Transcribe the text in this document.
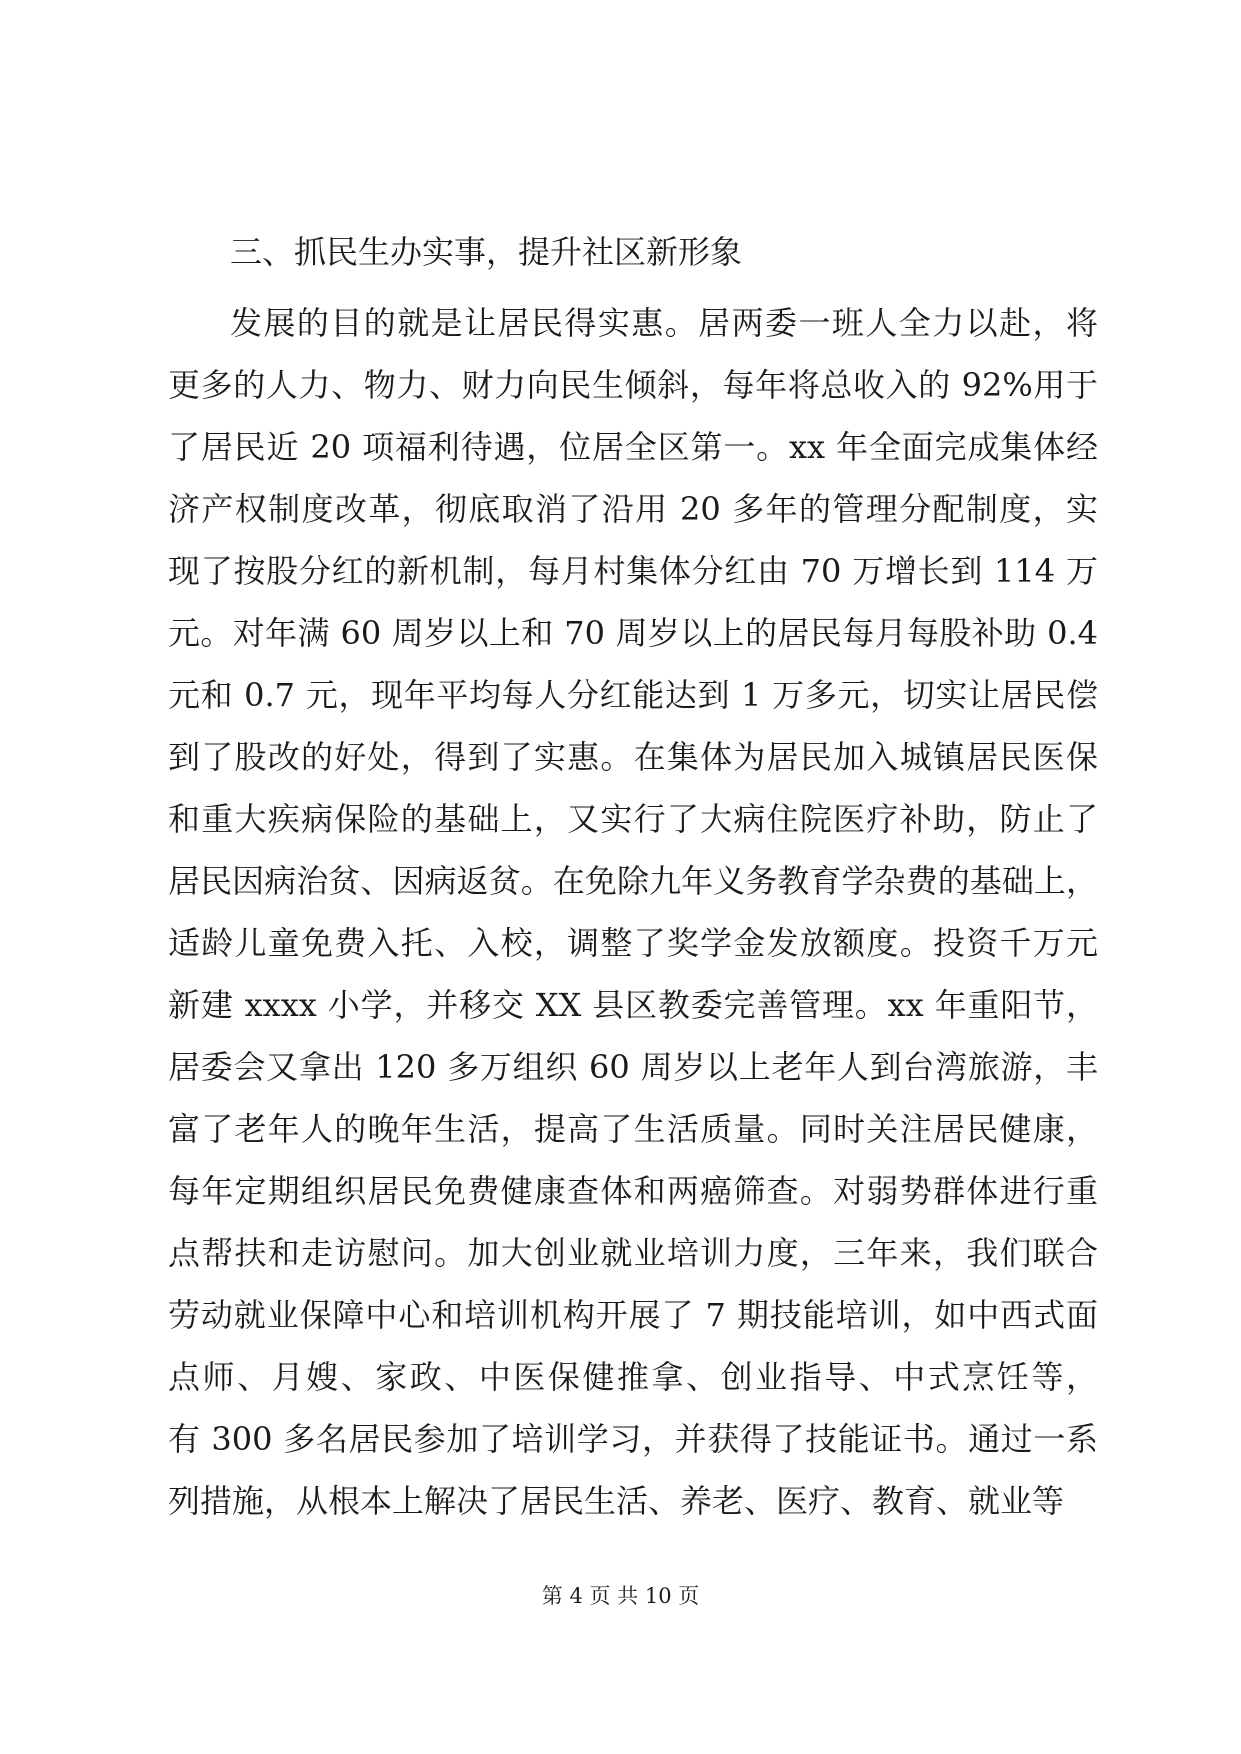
三、抓民生办实事，提升社区新形象
发展的目的就是让居民得实惠。居两委一班人全力以赴，将
更多的人力、物力、财力向民生倾斜，每年将总收入的 92%用于
了居民近 20 项福利待遇，位居全区第一。xx 年全面完成集体经
济产权制度改革，彻底取消了沿用 20 多年的管理分配制度，实
现了按股分红的新机制，每月村集体分红由 70 万增长到 114 万
元。对年满 60 周岁以上和 70 周岁以上的居民每月每股补助 0.4
元和 0.7 元，现年平均每人分红能达到 1 万多元，切实让居民偿
到了股改的好处，得到了实惠。在集体为居民加入城镇居民医保
和重大疾病保险的基础上，又实行了大病住院医疗补助，防止了
居民因病治贫、因病返贫。在免除九年义务教育学杂费的基础上，
适龄儿童免费入托、入校，调整了奖学金发放额度。投资千万元
新建 xxxx 小学，并移交 XX 县区教委完善管理。xx 年重阳节，
居委会又拿出 120 多万组织 60 周岁以上老年人到台湾旅游，丰
富了老年人的晚年生活，提高了生活质量。同时关注居民健康，
每年定期组织居民免费健康查体和两癌筛查。对弱势群体进行重
点帮扶和走访慰问。加大创业就业培训力度，三年来，我们联合
劳动就业保障中心和培训机构开展了 7 期技能培训，如中西式面
点师、月嫂、家政、中医保健推拿、创业指导、中式烹饪等，
有 300 多名居民参加了培训学习，并获得了技能证书。通过一系
列措施，从根本上解决了居民生活、养老、医疗、教育、就业等
第 4 页 共 10 页
